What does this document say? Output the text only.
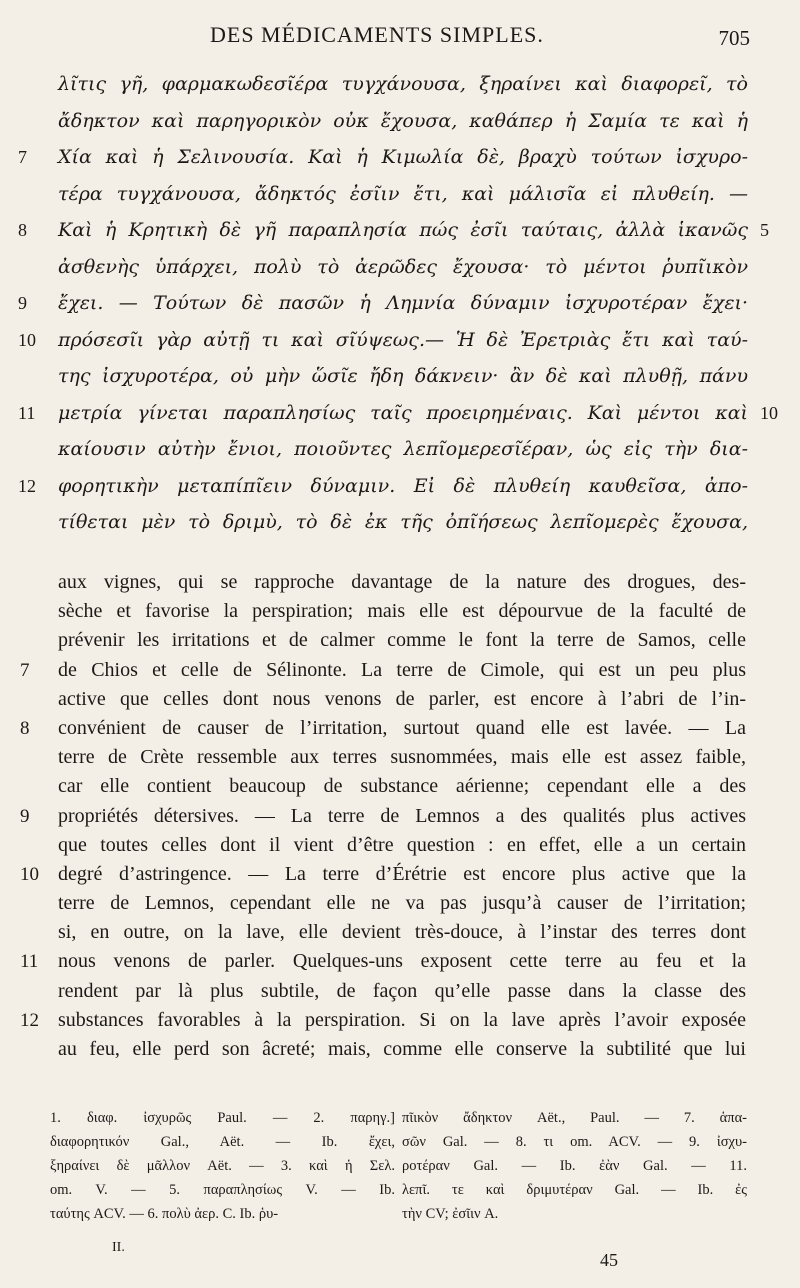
DES MÉDICAMENTS SIMPLES.	705
λῖτις γῆ, φαρμακωδεσῖέρα τυγχάνουσα, ξηραίνει καὶ διαφορεῖ, τὸ
ἄδηκτον καὶ παρηγορικὸν οὐκ ἔχουσα, καθάπερ ἡ Σαμία τε καὶ ἡ
7 Χία καὶ ἡ Σελινουσία. Καὶ ἡ Κιμωλία δὲ, βραχὺ τούτων ἰσχυρο-
τέρα τυγχάνουσα, ἄδηκτός ἐσῖιν ἔτι, καὶ μάλισῖα εἰ πλυθείη. —
8 Καὶ ἡ Κρητικὴ δὲ γῆ παραπλησία πώς ἐσῖι ταύταις, ἀλλὰ ἱκανῶς 5
ἀσθενὴς ὑπάρχει, πολὺ τὸ ἀερῶδες ἔχουσα· τὸ μέντοι ῥυπῖικὸν
9 ἔχει. — Τούτων δὲ πασῶν ἡ Λημνία δύναμιν ἰσχυροτέραν ἔχει·
10 πρόσεσῖι γὰρ αὐτῇ τι καὶ σῖύψεως.— Ἡ δὲ Ἐρετριὰς ἔτι καὶ ταύ-
της ἰσχυροτέρα, οὐ μὴν ὥσῖε ἤδη δάκνειν· ἂν δὲ καὶ πλυθῇ, πάνυ
11 μετρία γίνεται παραπλησίως ταῖς προειρημέναις. Καὶ μέντοι καὶ 10
καίουσιν αὐτὴν ἔνιοι, ποιοῦντες λεπῖομερεσῖέραν, ὡς εἰς τὴν δια-
12 φορητικὴν μεταπίπῖειν δύναμιν. Εἰ δὲ πλυθείη καυθεῖσα, ἀπο-
τίθεται μὲν τὸ δριμὺ, τὸ δὲ ἐκ τῆς ὀπῖήσεως λεπῖομερὲς ἔχουσα,
aux vignes, qui se rapproche davantage de la nature des drogues, des-
sèche et favorise la perspiration; mais elle est dépourvue de la faculté de
prévenir les irritations et de calmer comme le font la terre de Samos, celle
7 de Chios et celle de Sélinonte. La terre de Cimole, qui est un peu plus
active que celles dont nous venons de parler, est encore à l’abri de l’in-
8 convénient de causer de l’irritation, surtout quand elle est lavée. — La
terre de Crète ressemble aux terres susnommées, mais elle est assez faible,
car elle contient beaucoup de substance aérienne; cependant elle a des
9 propriétés détersives. — La terre de Lemnos a des qualités plus actives
que toutes celles dont il vient d’être question : en effet, elle a un certain
10 degré d’astringence. — La terre d’Érétrie est encore plus active que la
terre de Lemnos, cependant elle ne va pas jusqu’à causer de l’irritation;
si, en outre, on la lave, elle devient très-douce, à l’instar des terres dont
11 nous venons de parler. Quelques-uns exposent cette terre au feu et la
rendent par là plus subtile, de façon qu’elle passe dans la classe des
12 substances favorables à la perspiration. Si on la lave après l’avoir exposée
au feu, elle perd son âcreté; mais, comme elle conserve la subtilité que lui
1. διαφ. ἰσχυρῶς Paul. — 2. παρηγ.]
διαφορητικόν Gal., Aët. — Ib. ἔχει,
ξηραίνει δὲ μᾶλλον Aët. — 3. καὶ ἡ Σελ.
om. V. — 5. παραπλησίως V. — Ib.
ταύτης ACV. — 6. πολὺ ἀερ. C. Ib. ῥυ-
πῖικὸν ἄδηκτον Aët., Paul. — 7. ἁπα-
σῶν Gal. — 8. τι om. ACV. — 9. ἰσχυ-
ροτέραν Gal. — Ib. ἐὰν Gal. — 11.
λεπῖ. τε καὶ δριμυτέραν Gal. — Ib. ἐς
τὴν CV; ἐσῖιν A.
II.
45
